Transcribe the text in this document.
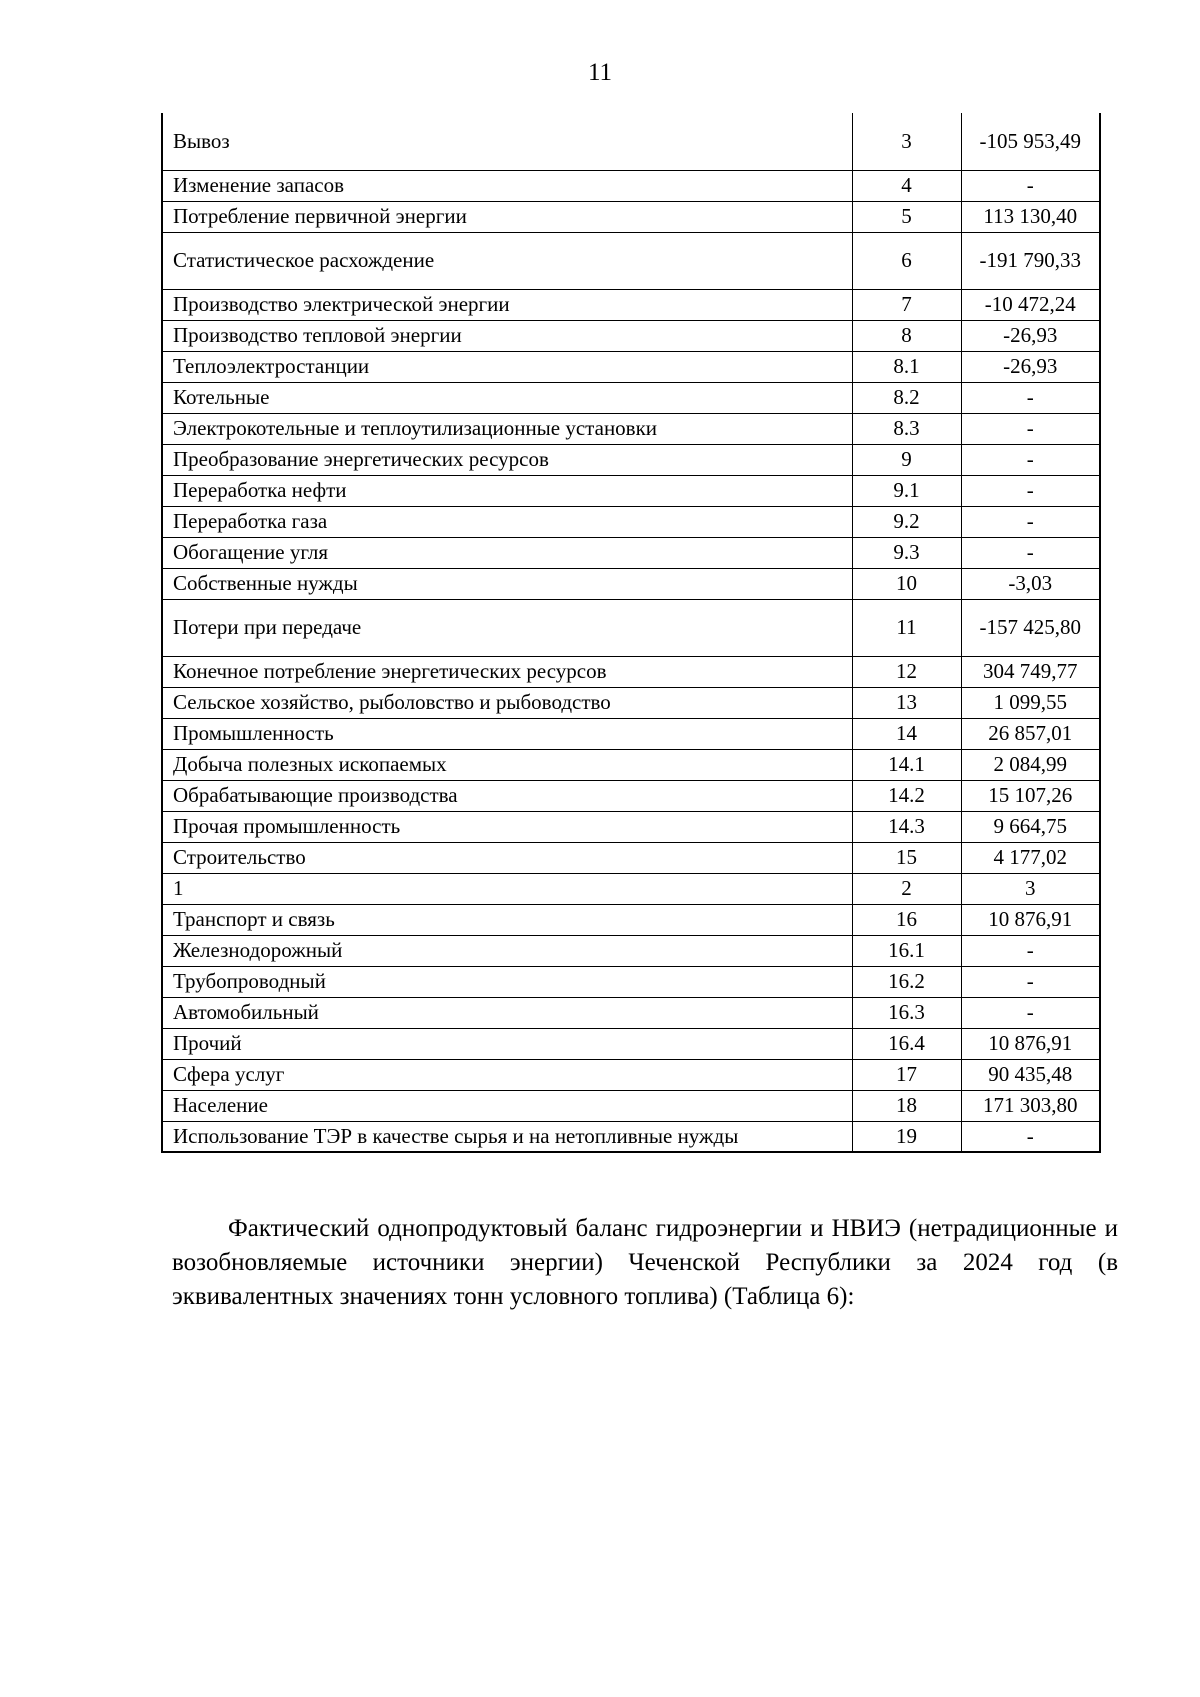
11
Вывоз	3	-105 953,49
Изменение запасов	4	-
Потребление первичной энергии	5	113 130,40
Статистическое расхождение	6	-191 790,33
Производство электрической энергии	7	-10 472,24
Производство тепловой энергии	8	-26,93
Теплоэлектростанции	8.1	-26,93
Котельные	8.2	-
Электрокотельные и теплоутилизационные установки	8.3	-
Преобразование энергетических ресурсов	9	-
Переработка нефти	9.1	-
Переработка газа	9.2	-
Обогащение угля	9.3	-
Собственные нужды	10	-3,03
Потери при передаче	11	-157 425,80
Конечное потребление энергетических ресурсов	12	304 749,77
Сельское хозяйство, рыболовство и рыбоводство	13	1 099,55
Промышленность	14	26 857,01
Добыча полезных ископаемых	14.1	2 084,99
Обрабатывающие производства	14.2	15 107,26
Прочая промышленность	14.3	9 664,75
Строительство	15	4 177,02
1	2	3
Транспорт и связь	16	10 876,91
Железнодорожный	16.1	-
Трубопроводный	16.2	-
Автомобильный	16.3	-
Прочий	16.4	10 876,91
Сфера услуг	17	90 435,48
Население	18	171 303,80
Использование ТЭР в качестве сырья и на нетопливные нужды	19	-

Фактический однопродуктовый баланс гидроэнергии и НВИЭ (нетрадиционные и возобновляемые источники энергии) Чеченской Республики за 2024 год (в эквивалентных значениях тонн условного топлива) (Таблица 6):
